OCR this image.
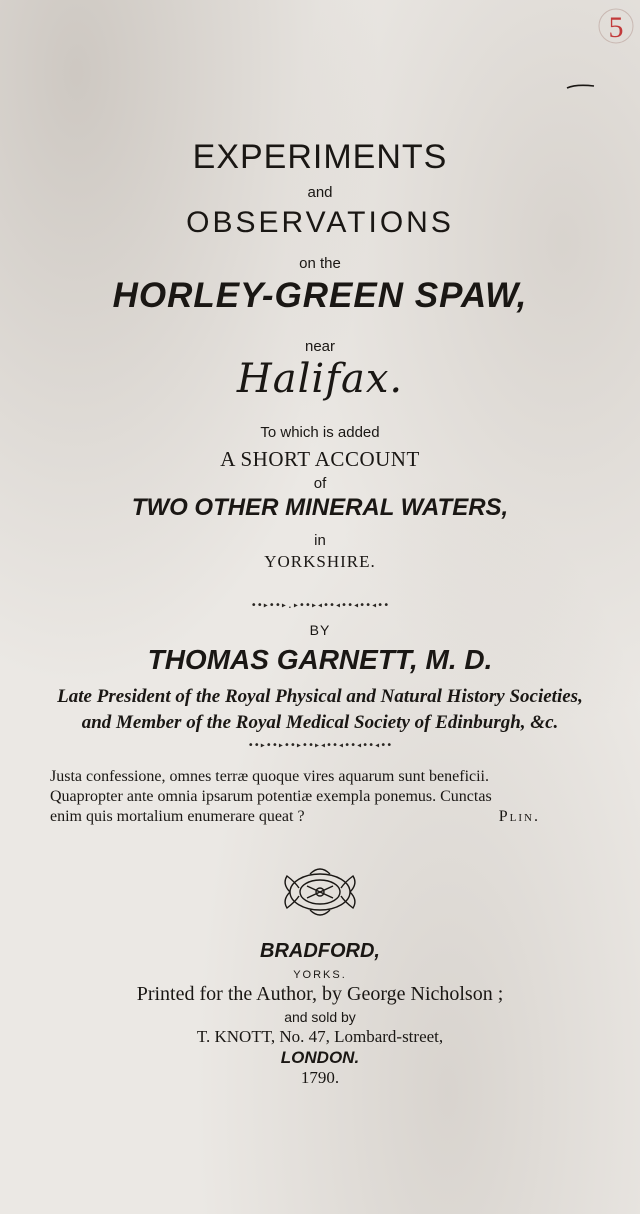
5
EXPERIMENTS
and
OBSERVATIONS
on the
HORLEY-GREEN SPAW,
near
Halifax.
To which is added
A SHORT ACCOUNT
of
TWO OTHER MINERAL WATERS,
in
YORKSHIRE.
••▸••▸.▸••▸◂••◂••◂••◂••
BY
THOMAS GARNETT, M. D.
Late President of the Royal Physical and Natural History Societies,
and Member of the Royal Medical Society of Edinburgh, &c.
••▸••▸••▸••▸◂••◂••◂••◂••
Justa confessione, omnes terræ quoque vires aquarum sunt beneficii.
Quapropter ante omnia ipsarum potentiæ exempla ponemus. Cunctas
enim quis mortalium enumerare queat ?	Plin.
BRADFORD,
YORKS.
Printed for the Author, by George Nicholson ;
and sold by
T. KNOTT, No. 47, Lombard-street,
LONDON.
1790.
